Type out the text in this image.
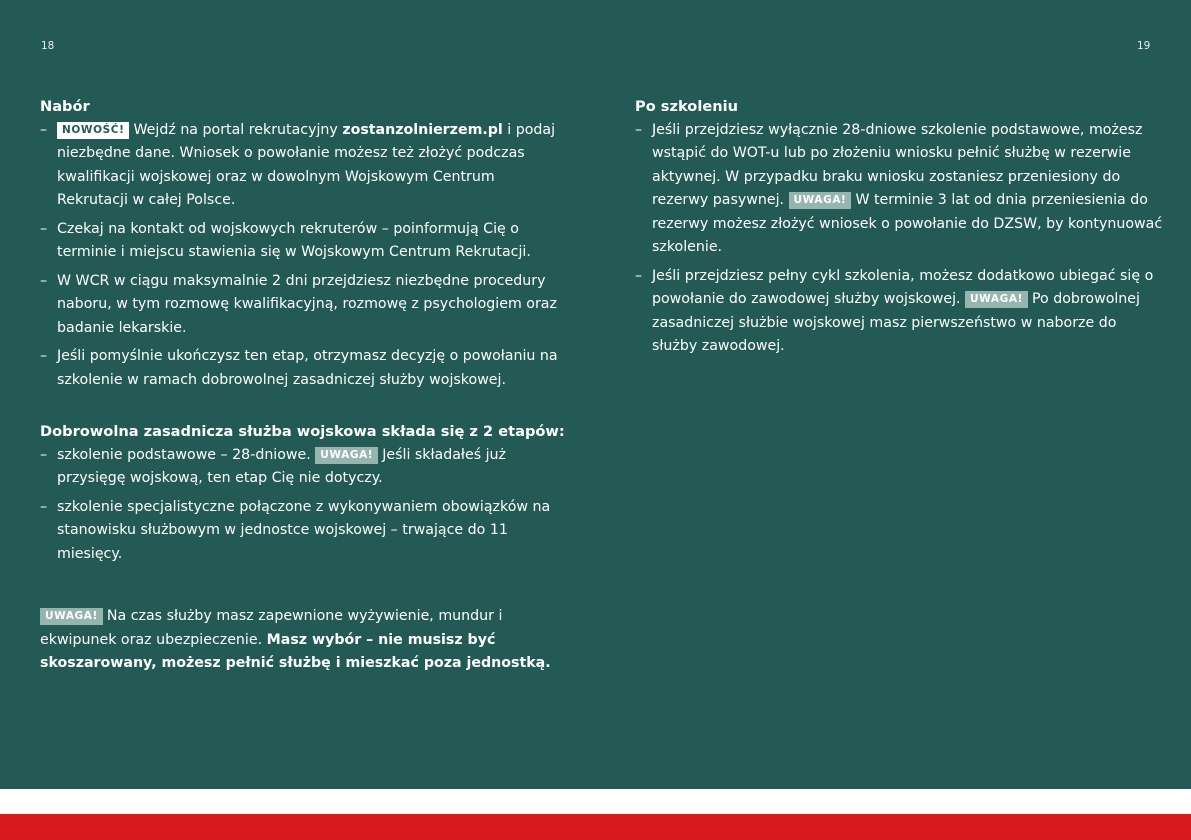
18	19
Nabór
– NOWOŚĆ! Wejdź na portal rekrutacyjny zostanzolnierzem.pl i podaj niezbędne dane. Wniosek o powołanie możesz też złożyć podczas kwalifikacji wojskowej oraz w dowolnym Wojskowym Centrum Rekrutacji w całej Polsce.
– Czekaj na kontakt od wojskowych rekruterów – poinformują Cię o terminie i miejscu stawienia się w Wojskowym Centrum Rekrutacji.
– W WCR w ciągu maksymalnie 2 dni przejdziesz niezbędne procedury naboru, w tym rozmowę kwalifikacyjną, rozmowę z psychologiem oraz badanie lekarskie.
– Jeśli pomyślnie ukończysz ten etap, otrzymasz decyzję o powołaniu na szkolenie w ramach dobrowolnej zasadniczej służby wojskowej.
Dobrowolna zasadnicza służba wojskowa składa się z 2 etapów:
– szkolenie podstawowe – 28-dniowe. UWAGA! Jeśli składałeś już przysięgę wojskową, ten etap Cię nie dotyczy.
– szkolenie specjalistyczne połączone z wykonywaniem obowiązków na stanowisku służbowym w jednostce wojskowej – trwające do 11 miesięcy.

UWAGA! Na czas służby masz zapewnione wyżywienie, mundur i ekwipunek oraz ubezpieczenie. Masz wybór – nie musisz być skoszarowany, możesz pełnić służbę i mieszkać poza jednostką.

Po szkoleniu
– Jeśli przejdziesz wyłącznie 28-dniowe szkolenie podstawowe, możesz wstąpić do WOT-u lub po złożeniu wniosku pełnić służbę w rezerwie aktywnej. W przypadku braku wniosku zostaniesz przeniesiony do rezerwy pasywnej. UWAGA! W terminie 3 lat od dnia przeniesienia do rezerwy możesz złożyć wniosek o powołanie do DZSW, by kontynuować szkolenie.
– Jeśli przejdziesz pełny cykl szkolenia, możesz dodatkowo ubiegać się o powołanie do zawodowej służby wojskowej. UWAGA! Po dobrowolnej zasadniczej służbie wojskowej masz pierwszeństwo w naborze do służby zawodowej.
